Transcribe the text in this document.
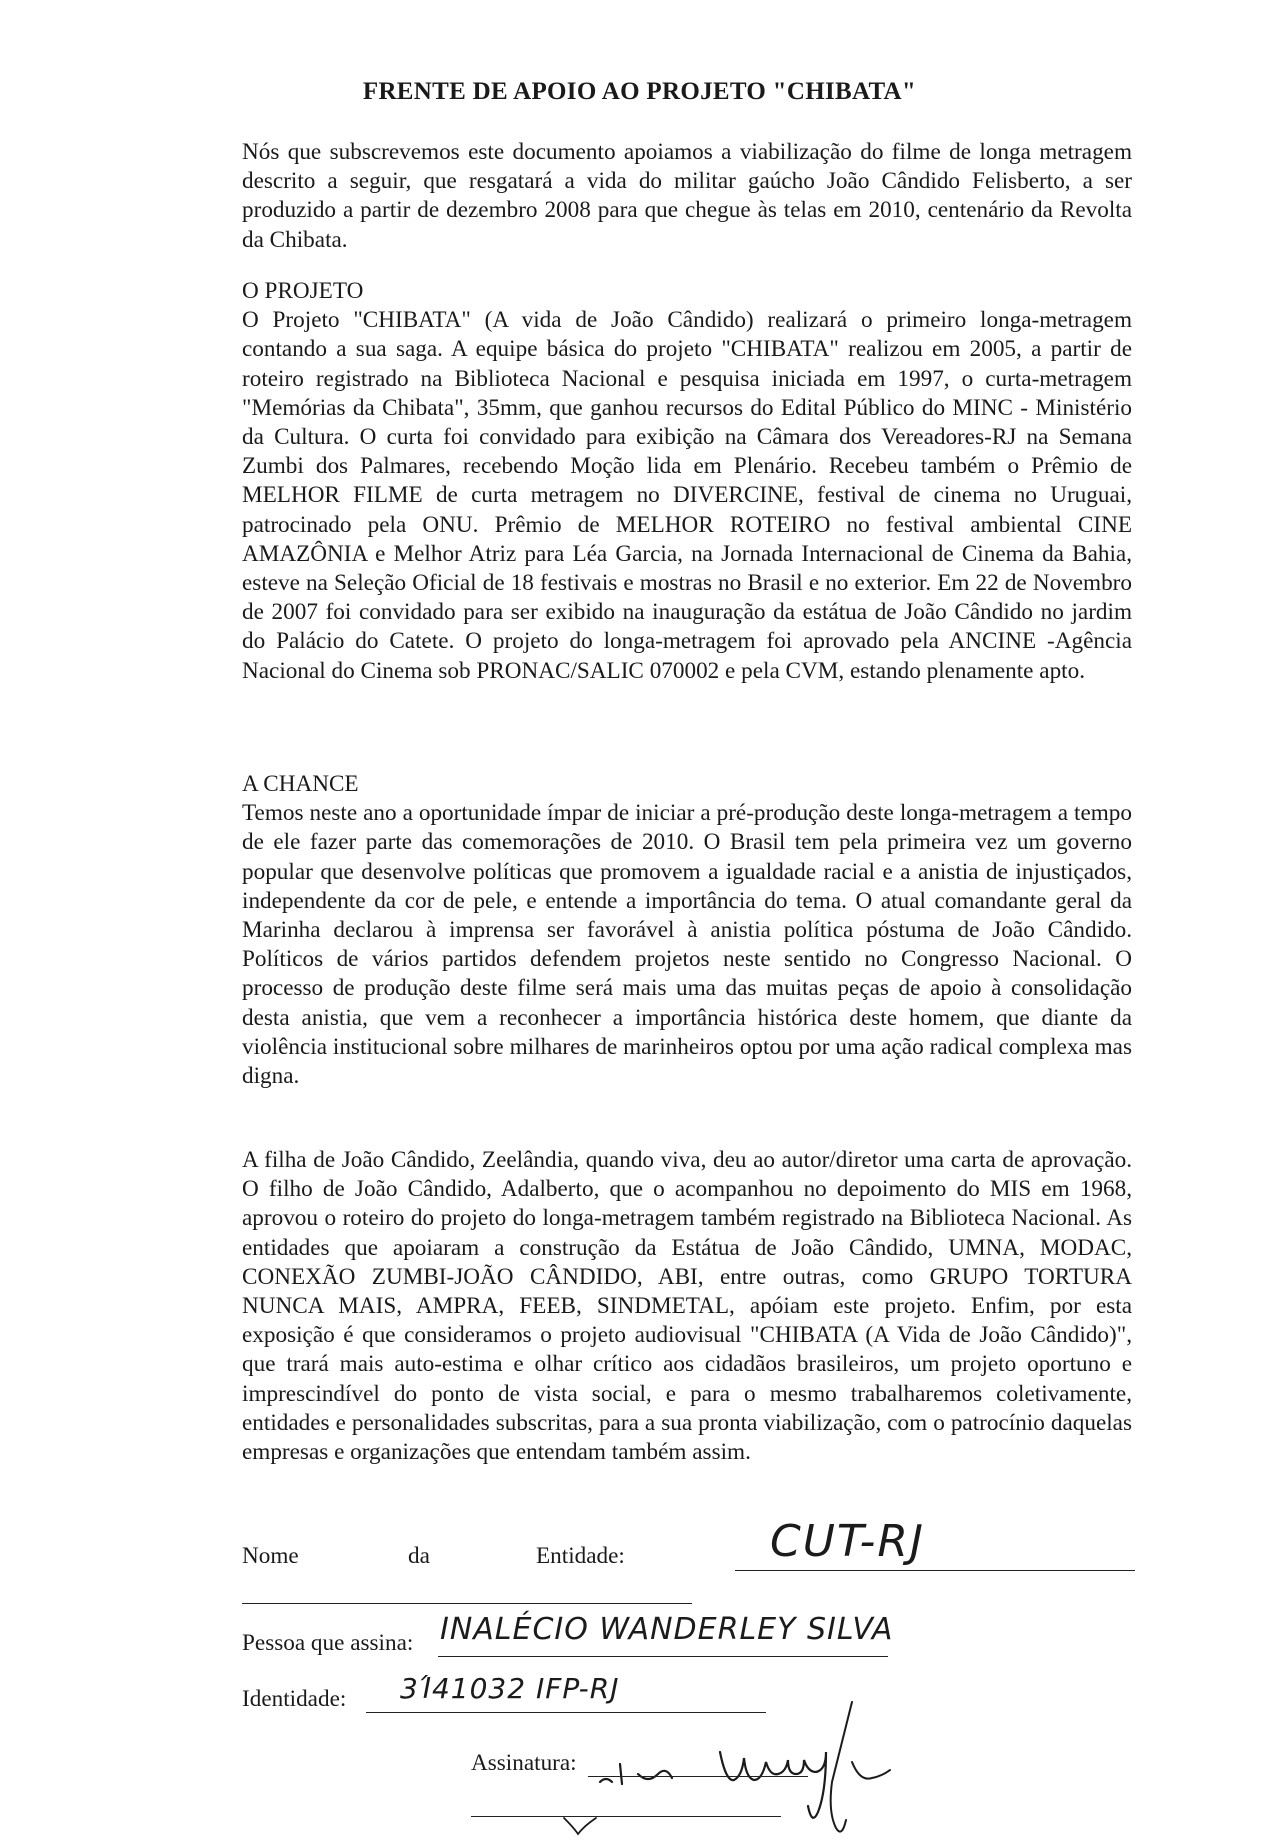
FRENTE DE APOIO AO PROJETO "CHIBATA"

Nós que subscrevemos este documento apoiamos a viabilização do filme de longa metragem descrito a seguir, que resgatará a vida do militar gaúcho João Cândido Felisberto, a ser produzido a partir de dezembro 2008 para que chegue às telas em 2010, centenário da Revolta da Chibata.

O PROJETO

O Projeto "CHIBATA" (A vida de João Cândido) realizará o primeiro longa-metragem contando a sua saga. A equipe básica do projeto "CHIBATA" realizou em 2005, a partir de roteiro registrado na Biblioteca Nacional e pesquisa iniciada em 1997, o curta-metragem "Memórias da Chibata", 35mm, que ganhou recursos do Edital Público do MINC - Ministério da Cultura. O curta foi convidado para exibição na Câmara dos Vereadores-RJ na Semana Zumbi dos Palmares, recebendo Moção lida em Plenário. Recebeu também o Prêmio de MELHOR FILME de curta metragem no DIVERCINE, festival de cinema no Uruguai, patrocinado pela ONU. Prêmio de MELHOR ROTEIRO no festival ambiental CINE AMAZÔNIA e Melhor Atriz para Léa Garcia, na Jornada Internacional de Cinema da Bahia, esteve na Seleção Oficial de 18 festivais e mostras no Brasil e no exterior. Em 22 de Novembro de 2007 foi convidado para ser exibido na inauguração da estátua de João Cândido no jardim do Palácio do Catete. O projeto do longa-metragem foi aprovado pela ANCINE -Agência Nacional do Cinema sob PRONAC/SALIC 070002 e pela CVM, estando plenamente apto.

A CHANCE

Temos neste ano a oportunidade ímpar de iniciar a pré-produção deste longa-metragem a tempo de ele fazer parte das comemorações de 2010. O Brasil tem pela primeira vez um governo popular que desenvolve políticas que promovem a igualdade racial e a anistia de injustiçados, independente da cor de pele, e entende a importância do tema. O atual comandante geral da Marinha declarou à imprensa ser favorável à anistia política póstuma de João Cândido. Políticos de vários partidos defendem projetos neste sentido no Congresso Nacional. O processo de produção deste filme será mais uma das muitas peças de apoio à consolidação desta anistia, que vem a reconhecer a importância histórica deste homem, que diante da violência institucional sobre milhares de marinheiros optou por uma ação radical complexa mas digna.

A filha de João Cândido, Zeelândia, quando viva, deu ao autor/diretor uma carta de aprovação. O filho de João Cândido, Adalberto, que o acompanhou no depoimento do MIS em 1968, aprovou o roteiro do projeto do longa-metragem também registrado na Biblioteca Nacional. As entidades que apoiaram a construção da Estátua de João Cândido, UMNA, MODAC, CONEXÃO ZUMBI-JOÃO CÂNDIDO, ABI, entre outras, como GRUPO TORTURA NUNCA MAIS, AMPRA, FEEB, SINDMETAL, apóiam este projeto. Enfim, por esta exposição é que consideramos o projeto audiovisual "CHIBATA (A Vida de João Cândido)", que trará mais auto-estima e olhar crítico aos cidadãos brasileiros, um projeto oportuno e imprescindível do ponto de vista social, e para o mesmo trabalharemos coletivamente, entidades e personalidades subscritas, para a sua pronta viabilização, com o patrocínio daquelas empresas e organizações que entendam também assim.

Nome	da	Entidade:	CUT-RJ
Pessoa que assina: INALÉCIO WANDERLEY SILVA
Identidade: 3Ί41032 IFP-RJ
Assinatura:
